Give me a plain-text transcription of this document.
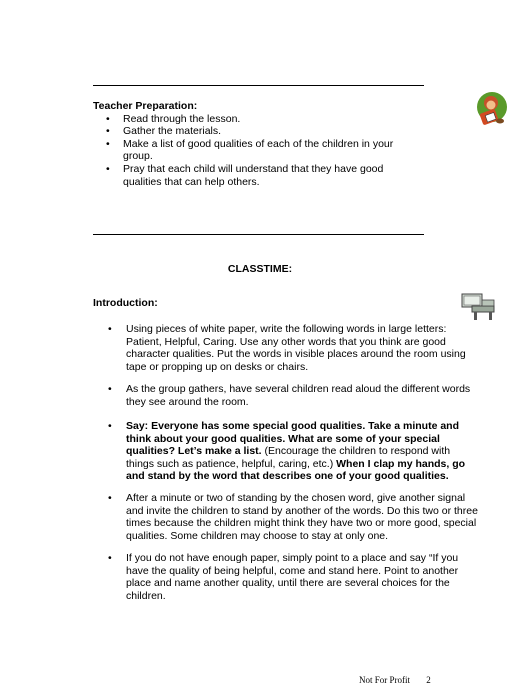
Teacher Preparation:
• Read through the lesson.
• Gather the materials.
• Make a list of good qualities of each of the children in your group.
• Pray that each child will understand that they have good qualities that can help others.
CLASSTIME:
Introduction:
• Using pieces of white paper, write the following words in large letters: Patient, Helpful, Caring. Use any other words that you think are good character qualities. Put the words in visible places around the room using tape or propping up on desks or chairs.
• As the group gathers, have several children read aloud the different words they see around the room.
• Say: Everyone has some special good qualities. Take a minute and think about your good qualities. What are some of your special qualities? Let’s make a list. (Encourage the children to respond with things such as patience, helpful, caring, etc.) When I clap my hands, go and stand by the word that describes one of your good qualities.
• After a minute or two of standing by the chosen word, give another signal and invite the children to stand by another of the words. Do this two or three times because the children might think they have two or more good, special qualities. Some children may choose to stay at only one.
• If you do not have enough paper, simply point to a place and say “If you have the quality of being helpful, come and stand here. Point to another place and name another quality, until there are several choices for the children.
Not For Profit 2
